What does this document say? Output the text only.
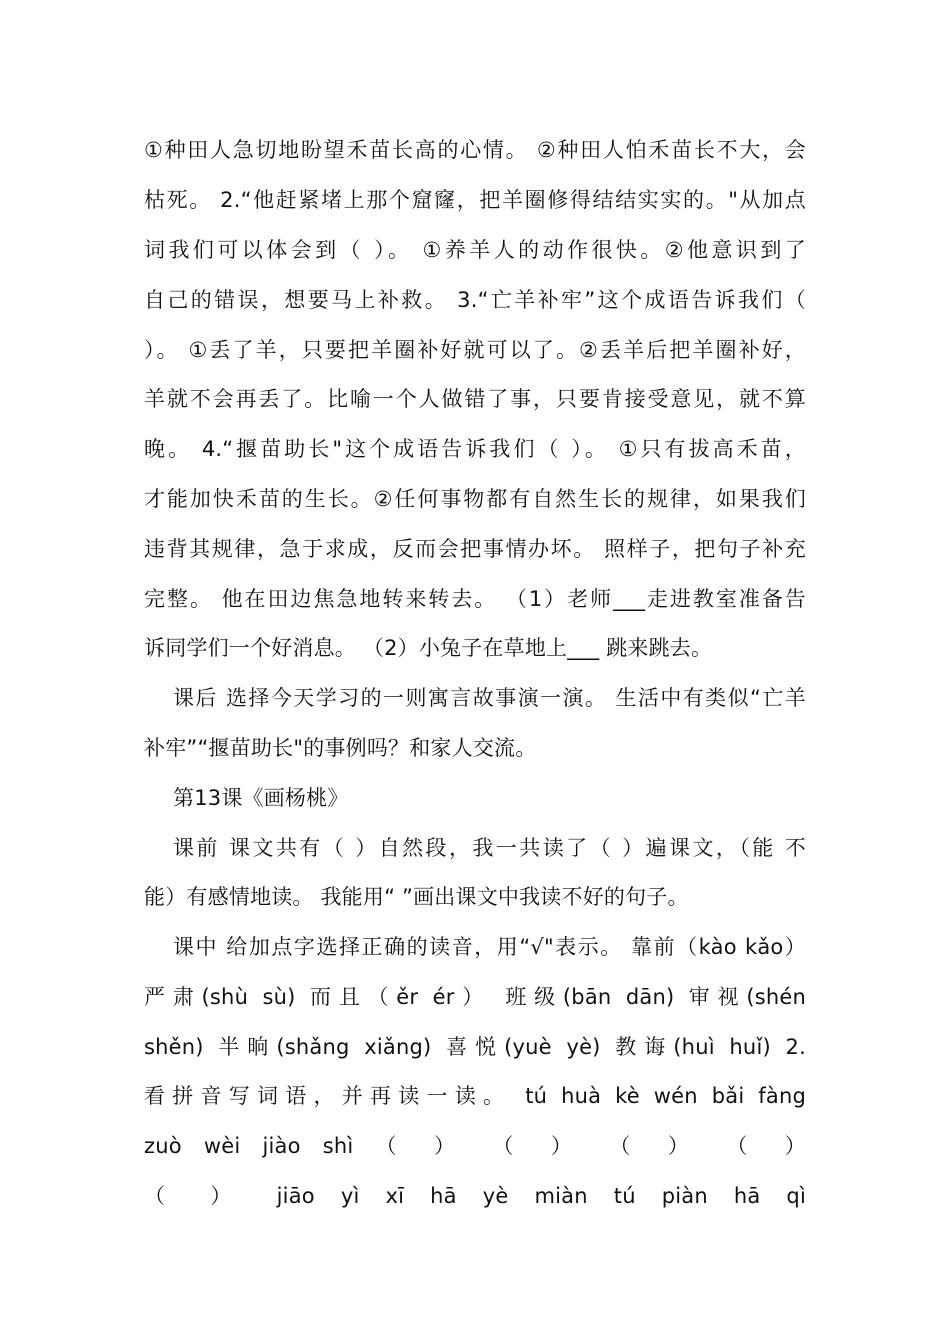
①种田人急切地盼望禾苗长高的心情。 ②种田人怕禾苗长不大，会
枯死。 2.“他赶紧堵上那个窟窿，把羊圈修得结结实实的。"从加点
词我们可以体会到（ ）。 ①养羊人的动作很快。②他意识到了
自己的错误，想要马上补救。 3.“亡羊补牢”这个成语告诉我们（
）。 ①丢了羊，只要把羊圈补好就可以了。②丢羊后把羊圈补好，
羊就不会再丢了。比喻一个人做错了事，只要肯接受意见，就不算
晚。 4.“揠苗助长"这个成语告诉我们（ ）。 ①只有拔高禾苗，
才能加快禾苗的生长。②任何事物都有自然生长的规律，如果我们
违背其规律，急于求成，反而会把事情办坏。 照样子，把句子补充
完整。 他在田边焦急地转来转去。 （1）老师___走进教室准备告
诉同学们一个好消息。 （2）小兔子在草地上___ 跳来跳去。
课后 选择今天学习的一则寓言故事演一演。 生活中有类似“亡羊
补牢”“揠苗助长"的事例吗？和家人交流。
第13课《画杨桃》
课前 课文共有（ ）自然段，我一共读了（ ）遍课文，（能 不
能）有感情地读。 我能用“ ”画出课文中我读不好的句子。
课中 给加点字选择正确的读音，用“√"表示。 靠前（kào kǎo）
严肃(shù sù) 而且（ěr ér） 班级(bān dān) 审视(shén
shěn) 半晌(shǎng xiǎng) 喜悦(yuè yè) 教诲(huì huǐ) 2.
看拼音写词语，并再读一读。 tú huà kè wén bǎi fàng
zuò wèi jiào shì （ ） （ ） （ ） （ ）
（ ） jiāo yì xī hā yè miàn tú piàn hā qì
